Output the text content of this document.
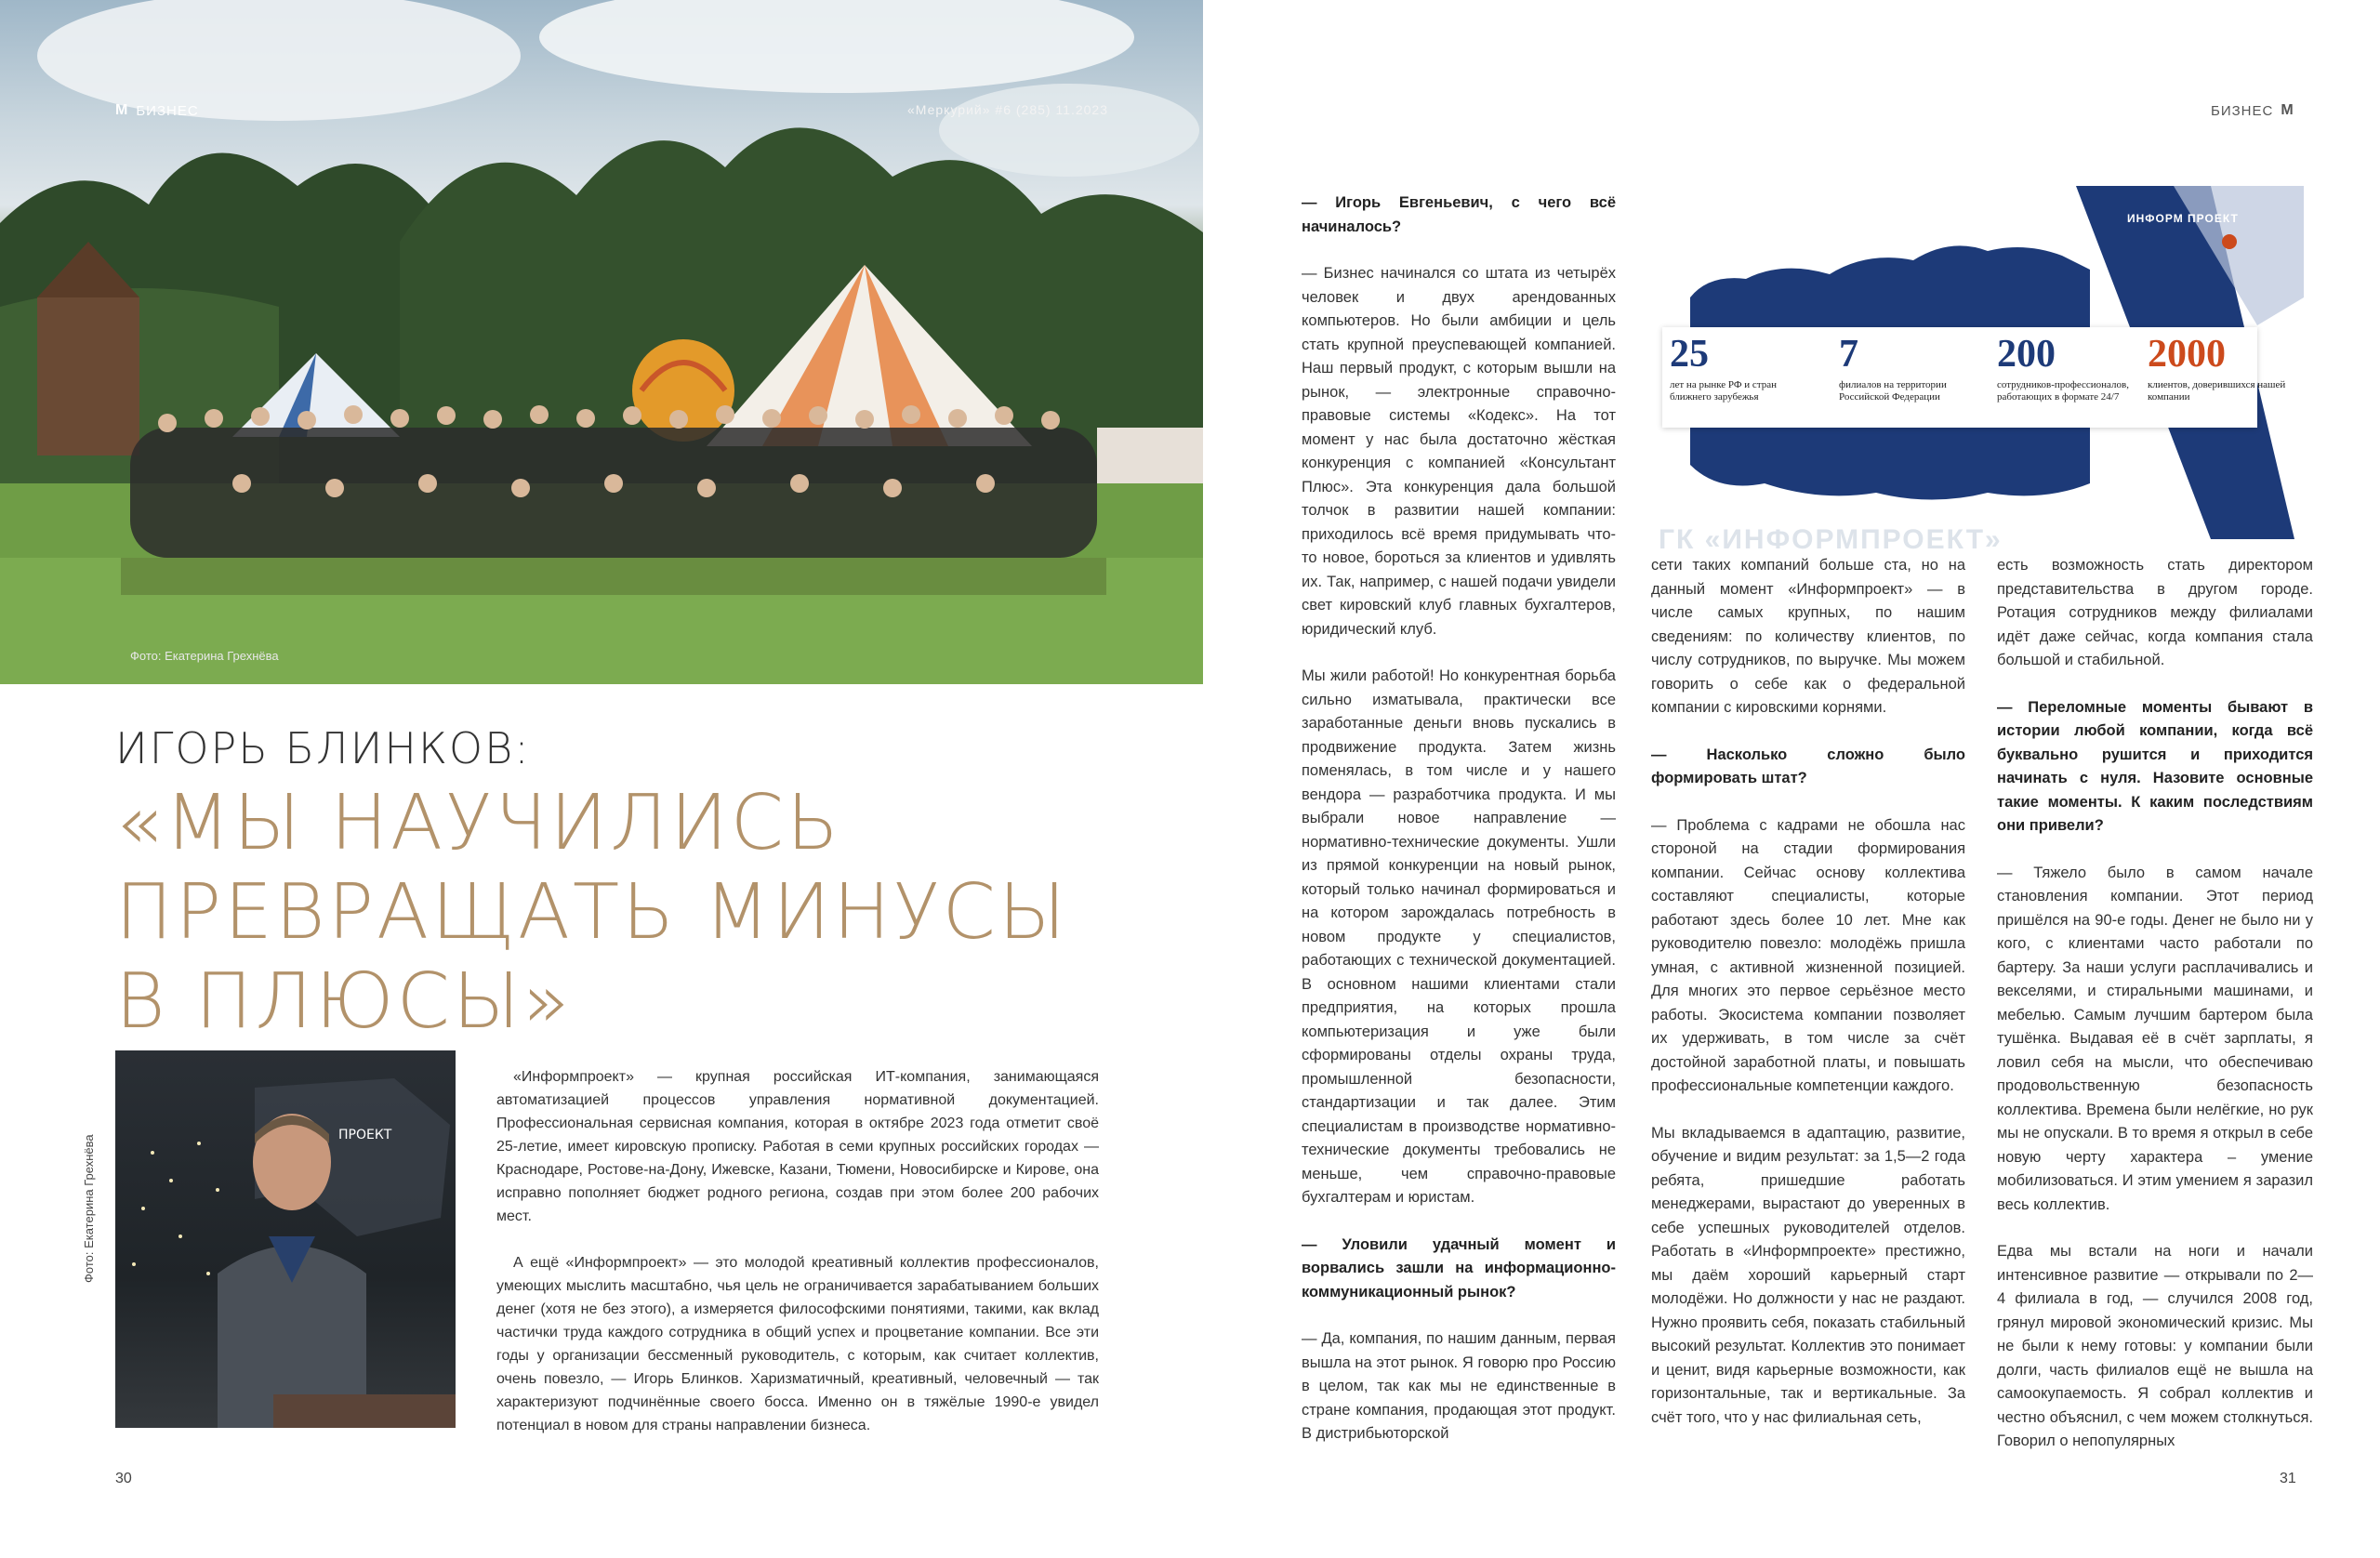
Фото: Екатерина Грехнёва
M БИЗНЕС	«Меркурий» #6 (285) 11.2023
ИГОРЬ БЛИНКОВ:
«МЫ НАУЧИЛИСЬ
ПРЕВРАЩАТЬ МИНУСЫ
В ПЛЮСЫ»
Фото: Екатерина Грехнёва	ПРОЕКТ

«Информпроект» — крупная российская ИТ-компания, занимающаяся автоматизацией процессов управления нормативной документацией. Профессиональная сервисная компания, которая в октябре 2023 года отметит своё 25-летие, имеет кировскую прописку. Работая в семи крупных российских городах — Краснодаре, Ростове-на-Дону, Ижевске, Казани, Тюмени, Новосибирске и Кирове, она исправно пополняет бюджет родного региона, создав при этом более 200 рабочих мест.

А ещё «Информпроект» — это молодой креативный коллектив профессионалов, умеющих мыслить масштабно, чья цель не ограничивается зарабатыванием больших денег (хотя не без этого), а измеряется философскими понятиями, такими, как вклад частички труда каждого сотрудника в общий успех и процветание компании. Все эти годы у организации бессменный руководитель, с которым, как считает коллектив, очень повезло, — Игорь Блинков. Харизматичный, креативный, человечный — так характеризуют подчинённые своего босса. Именно он в тяжёлые 1990-е увидел потенциал в новом для страны направлении бизнеса.

30
БИЗНЕС M
ИНФОРМ ПРОЕКТ
25
лет на рынке РФ и стран ближнего зарубежья
7
филиалов на территории Российской Федерации
200
сотрудников-профессионалов, работающих в формате 24/7
2000
клиентов, доверившихся нашей компании
ГК «ИНФОРМПРОЕКТ»

— Игорь Евгеньевич, с чего всё начиналось?

— Бизнес начинался со штата из четырёх человек и двух арендованных компьютеров. Но были амбиции и цель стать крупной преуспевающей компанией. Наш первый продукт, с которым вышли на рынок, — электронные справочно-правовые системы «Кодекс». На тот момент у нас была достаточно жёсткая конкуренция с компанией «Консультант Плюс». Эта конкуренция дала большой толчок в развитии нашей компании: приходилось всё время придумывать что-то новое, бороться за клиентов и удивлять их. Так, например, с нашей подачи увидели свет кировский клуб главных бухгалтеров, юридический клуб.

Мы жили работой! Но конкурентная борьба сильно изматывала, практически все заработанные деньги вновь пускались в продвижение продукта. Затем жизнь поменялась, в том числе и у нашего вендора — разработчика продукта. И мы выбрали новое направление — нормативно-технические документы. Ушли из прямой конкуренции на новый рынок, который только начинал формироваться и на котором зарождалась потребность в новом продукте у специалистов, работающих с технической документацией. В основном нашими клиентами стали предприятия, на которых прошла компьютеризация и уже были сформированы отделы охраны труда, промышленной безопасности, стандартизации и так далее. Этим специалистам в производстве нормативно-технические документы требовались не меньше, чем справочно-правовые бухгалтерам и юристам.

— Уловили удачный момент и ворвались зашли на информационно-коммуникационный рынок?

— Да, компания, по нашим данным, первая вышла на этот рынок. Я говорю про Россию в целом, так как мы не единственные в стране компания, продающая этот продукт. В дистрибьюторской

сети таких компаний больше ста, но на данный момент «Информпроект» — в числе самых крупных, по нашим сведениям: по количеству клиентов, по числу сотрудников, по выручке. Мы можем говорить о себе как о федеральной компании с кировскими корнями.

— Насколько сложно было формировать штат?

— Проблема с кадрами не обошла нас стороной на стадии формирования компании. Сейчас основу коллектива составляют специалисты, которые работают здесь более 10 лет. Мне как руководителю повезло: молодёжь пришла умная, с активной жизненной позицией. Для многих это первое серьёзное место работы. Экосистема компании позволяет их удерживать, в том числе за счёт достойной заработной платы, и повышать профессиональные компетенции каждого.

Мы вкладываемся в адаптацию, развитие, обучение и видим результат: за 1,5—2 года ребята, пришедшие работать менеджерами, вырастают до уверенных в себе успешных руководителей отделов. Работать в «Информпроекте» престижно, мы даём хороший карьерный старт молодёжи. Но должности у нас не раздают. Нужно проявить себя, показать стабильный высокий результат. Коллектив это понимает и ценит, видя карьерные возможности, как горизонтальные, так и вертикальные. За счёт того, что у нас филиальная сеть,

есть возможность стать директором представительства в другом городе. Ротация сотрудников между филиалами идёт даже сейчас, когда компания стала большой и стабильной.

— Переломные моменты бывают в истории любой компании, когда всё буквально рушится и приходится начинать с нуля. Назовите основные такие моменты. К каким последствиям они привели?

— Тяжело было в самом начале становления компании. Этот период пришёлся на 90-е годы. Денег не было ни у кого, с клиентами часто работали по бартеру. За наши услуги расплачивались и векселями, и стиральными машинами, и мебелью. Самым лучшим бартером была тушёнка. Выдавая её в счёт зарплаты, я ловил себя на мысли, что обеспечиваю продовольственную безопасность коллектива. Времена были нелёгкие, но рук мы не опускали. В то время я открыл в себе новую черту характера – умение мобилизоваться. И этим умением я заразил весь коллектив.

Едва мы встали на ноги и начали интенсивное развитие — открывали по 2—4 филиала в год, — случился 2008 год, грянул мировой экономический кризис. Мы не были к нему готовы: у компании были долги, часть филиалов ещё не вышла на самоокупаемость. Я собрал коллектив и честно объяснил, с чем можем столкнуться. Говорил о непопулярных

31
